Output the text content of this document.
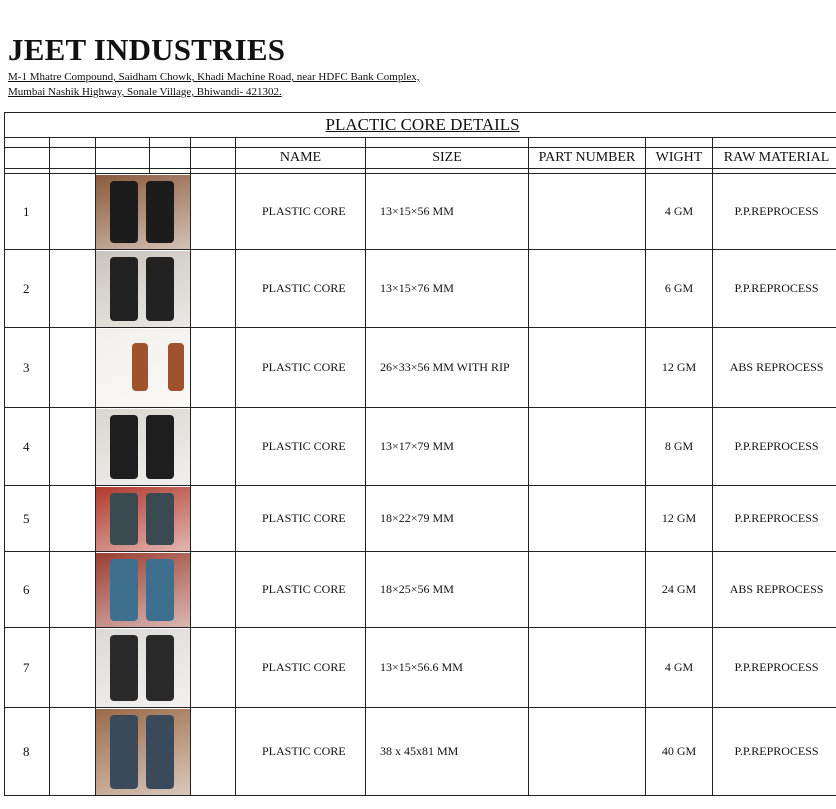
JEET INDUSTRIES
M-1 Mhatre Compound, Saidham Chowk, Khadi Machine Road, near HDFC Bank Complex,
Mumbai Nashik Highway, Sonale Village, Bhiwandi- 421302.
PLACTIC CORE DETAILS									

					NAME	SIZE	PART NUMBER	WIGHT	RAW MATERIAL

1					PLASTIC CORE	13×15×56 MM		4 GM	P.P.REPROCESS
2					PLASTIC CORE	13×15×76 MM		6 GM	P.P.REPROCESS
3					PLASTIC CORE	26×33×56 MM WITH RIP		12 GM	ABS REPROCESS
4					PLASTIC CORE	13×17×79 MM		8 GM	P.P.REPROCESS
5					PLASTIC CORE	18×22×79 MM		12 GM	P.P.REPROCESS
6					PLASTIC CORE	18×25×56 MM		24 GM	ABS REPROCESS
7					PLASTIC CORE	13×15×56.6 MM		4 GM	P.P.REPROCESS
8					PLASTIC CORE	38 x 45x81 MM		40 GM	P.P.REPROCESS
